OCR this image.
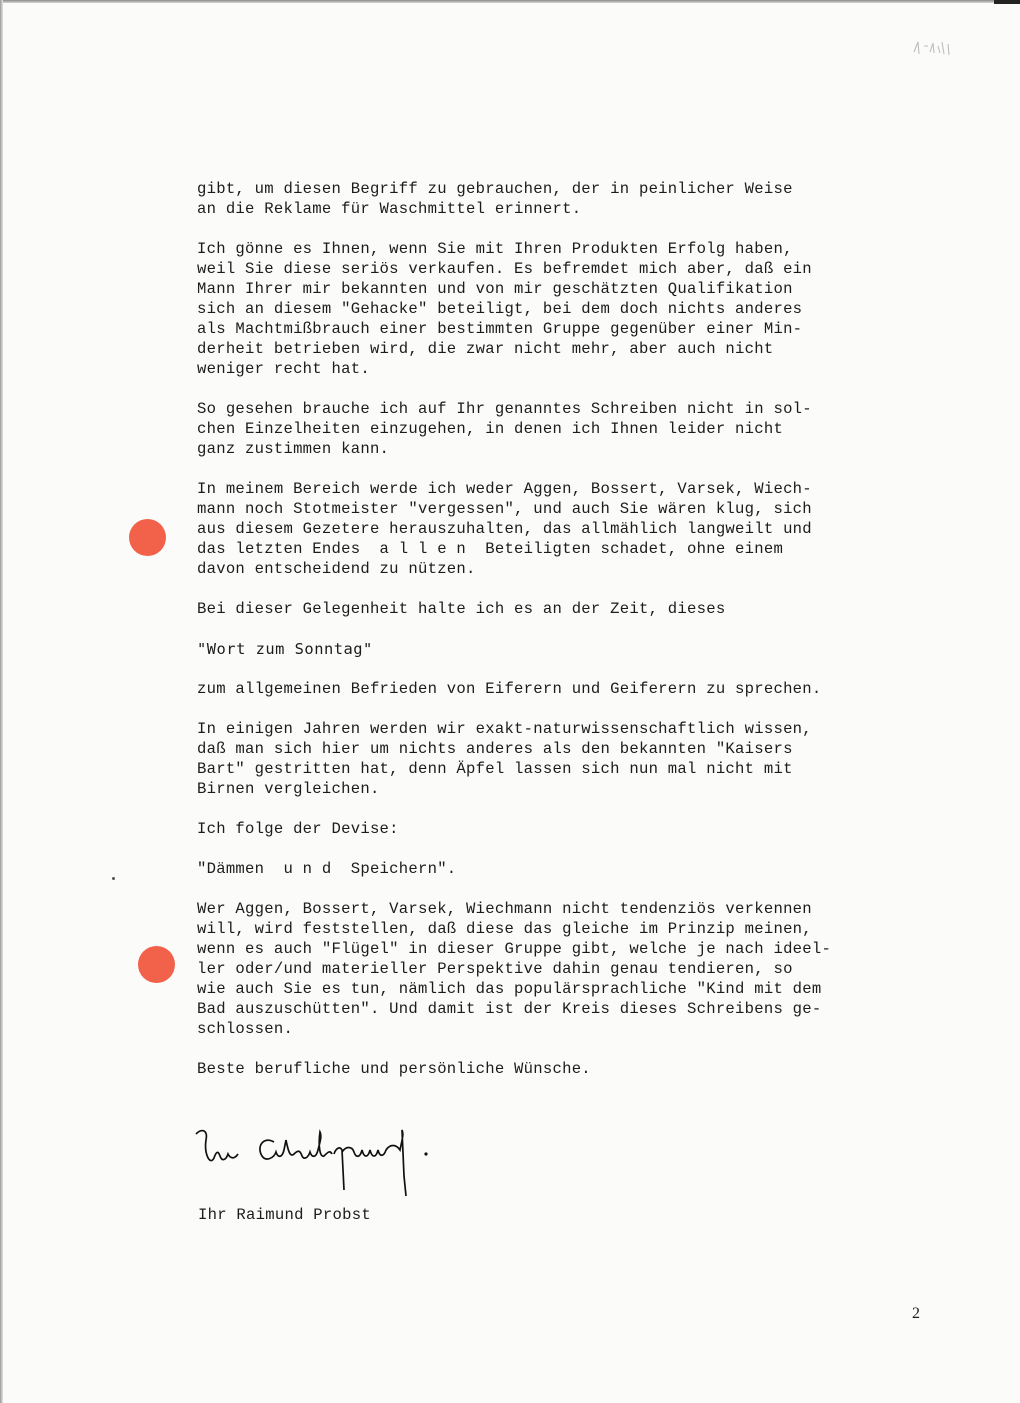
gibt, um diesen Begriff zu gebrauchen, der in peinlicher Weise
an die Reklame für Waschmittel erinnert.
Ich gönne es Ihnen, wenn Sie mit Ihren Produkten Erfolg haben,
weil Sie diese seriös verkaufen. Es befremdet mich aber, daß ein
Mann Ihrer mir bekannten und von mir geschätzten Qualifikation
sich an diesem "Gehacke" beteiligt, bei dem doch nichts anderes
als Machtmißbrauch einer bestimmten Gruppe gegenüber einer Min-
derheit betrieben wird, die zwar nicht mehr, aber auch nicht
weniger recht hat.
So gesehen brauche ich auf Ihr genanntes Schreiben nicht in sol-
chen Einzelheiten einzugehen, in denen ich Ihnen leider nicht
ganz zustimmen kann.
In meinem Bereich werde ich weder Aggen, Bossert, Varsek, Wiech-
mann noch Stotmeister "vergessen", und auch Sie wären klug, sich
aus diesem Gezetere herauszuhalten, das allmählich langweilt und
das letzten Endes  a l l e n  Beteiligten schadet, ohne einem
davon entscheidend zu nützen.
Bei dieser Gelegenheit halte ich es an der Zeit, dieses
"Wort zum Sonntag"
zum allgemeinen Befrieden von Eiferern und Geiferern zu sprechen.
In einigen Jahren werden wir exakt-naturwissenschaftlich wissen,
daß man sich hier um nichts anderes als den bekannten "Kaisers
Bart" gestritten hat, denn Äpfel lassen sich nun mal nicht mit
Birnen vergleichen.
Ich folge der Devise:
"Dämmen  u n d  Speichern".
Wer Aggen, Bossert, Varsek, Wiechmann nicht tendenziös verkennen
will, wird feststellen, daß diese das gleiche im Prinzip meinen,
wenn es auch "Flügel" in dieser Gruppe gibt, welche je nach ideel-
ler oder/und materieller Perspektive dahin genau tendieren, so
wie auch Sie es tun, nämlich das populärsprachliche "Kind mit dem
Bad auszuschütten". Und damit ist der Kreis dieses Schreibens ge-
schlossen.
Beste berufliche und persönliche Wünsche.
Ihr Raimund Probst
2
